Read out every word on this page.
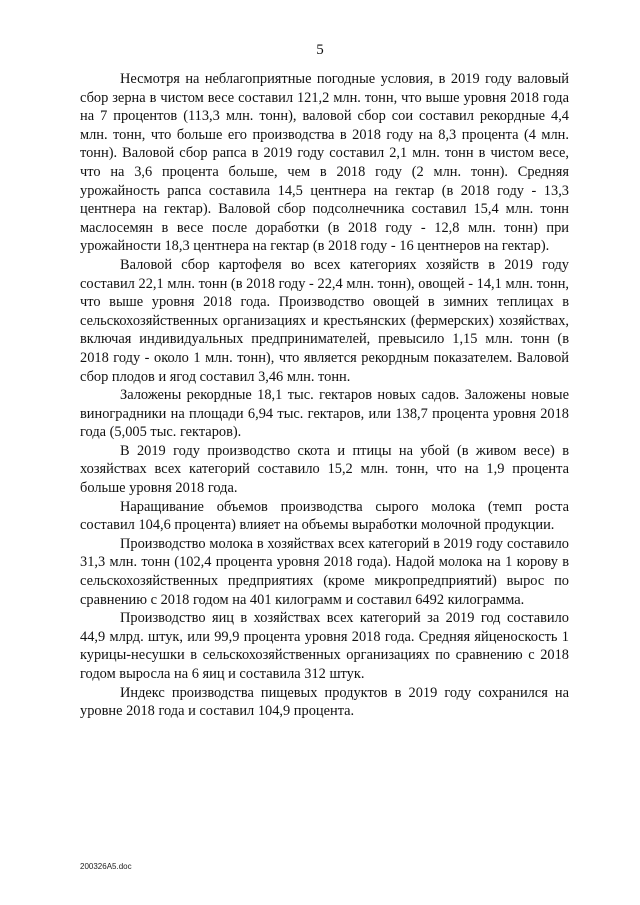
5

Несмотря на неблагоприятные погодные условия, в 2019 году валовый сбор зерна в чистом весе составил 121,2 млн. тонн, что выше уровня 2018 года на 7 процентов (113,3 млн. тонн), валовой сбор сои составил рекордные 4,4 млн. тонн, что больше его производства в 2018 году на 8,3 процента (4 млн. тонн). Валовой сбор рапса в 2019 году составил 2,1 млн. тонн в чистом весе, что на 3,6 процента больше, чем в 2018 году (2 млн. тонн). Средняя урожайность рапса составила 14,5 центнера на гектар (в 2018 году - 13,3 центнера на гектар). Валовой сбор подсолнечника составил 15,4 млн. тонн маслосемян в весе после доработки (в 2018 году - 12,8 млн. тонн) при урожайности 18,3 центнера на гектар (в 2018 году - 16 центнеров на гектар).

Валовой сбор картофеля во всех категориях хозяйств в 2019 году составил 22,1 млн. тонн (в 2018 году - 22,4 млн. тонн), овощей - 14,1 млн. тонн, что выше уровня 2018 года. Производство овощей в зимних теплицах в сельскохозяйственных организациях и крестьянских (фермерских) хозяйствах, включая индивидуальных предпринимателей, превысило 1,15 млн. тонн (в 2018 году - около 1 млн. тонн), что является рекордным показателем. Валовой сбор плодов и ягод составил 3,46 млн. тонн.

Заложены рекордные 18,1 тыс. гектаров новых садов. Заложены новые виноградники на площади 6,94 тыс. гектаров, или 138,7 процента уровня 2018 года (5,005 тыс. гектаров).

В 2019 году производство скота и птицы на убой (в живом весе) в хозяйствах всех категорий составило 15,2 млн. тонн, что на 1,9 процента больше уровня 2018 года.

Наращивание объемов производства сырого молока (темп роста составил 104,6 процента) влияет на объемы выработки молочной продукции.

Производство молока в хозяйствах всех категорий в 2019 году составило 31,3 млн. тонн (102,4 процента уровня 2018 года). Надой молока на 1 корову в сельскохозяйственных предприятиях (кроме микропредприятий) вырос по сравнению с 2018 годом на 401 килограмм и составил 6492 килограмма.

Производство яиц в хозяйствах всех категорий за 2019 год составило 44,9 млрд. штук, или 99,9 процента уровня 2018 года. Средняя яйценоскость 1 курицы-несушки в сельскохозяйственных организациях по сравнению с 2018 годом выросла на 6 яиц и составила 312 штук.

Индекс производства пищевых продуктов в 2019 году сохранился на уровне 2018 года и составил 104,9 процента.

200326A5.doc
